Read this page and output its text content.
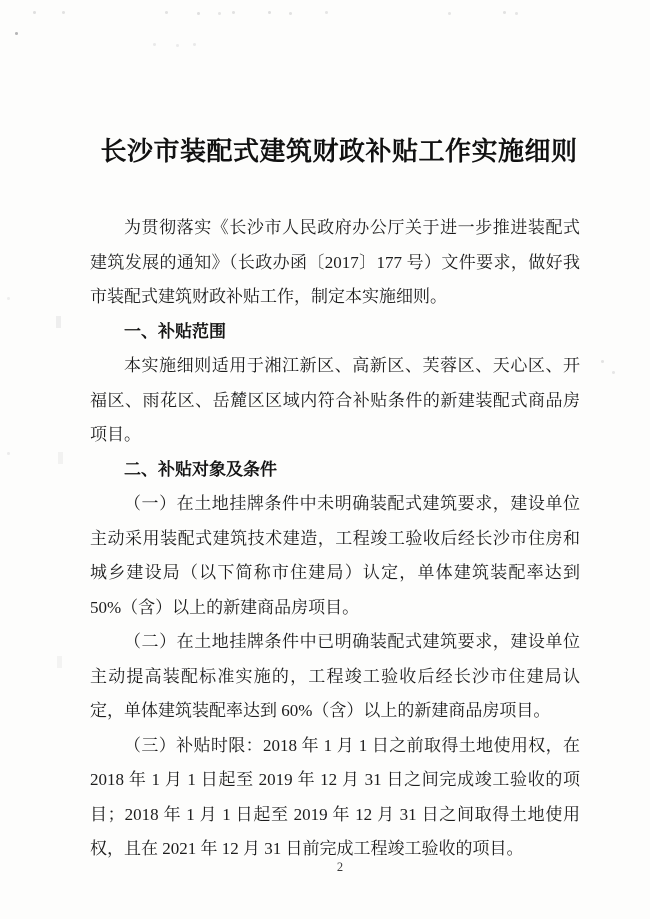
长沙市装配式建筑财政补贴工作实施细则

为贯彻落实《长沙市人民政府办公厅关于进一步推进装配式建筑发展的通知》（长政办函〔2017〕177 号）文件要求，做好我市装配式建筑财政补贴工作，制定本实施细则。

一、补贴范围

本实施细则适用于湘江新区、高新区、芙蓉区、天心区、开福区、雨花区、岳麓区区域内符合补贴条件的新建装配式商品房项目。

二、补贴对象及条件

（一）在土地挂牌条件中未明确装配式建筑要求，建设单位主动采用装配式建筑技术建造，工程竣工验收后经长沙市住房和城乡建设局（以下简称市住建局）认定，单体建筑装配率达到 50%（含）以上的新建商品房项目。

（二）在土地挂牌条件中已明确装配式建筑要求，建设单位主动提高装配标准实施的，工程竣工验收后经长沙市住建局认定，单体建筑装配率达到 60%（含）以上的新建商品房项目。

（三）补贴时限：2018 年 1 月 1 日之前取得土地使用权，在 2018 年 1 月 1 日起至 2019 年 12 月 31 日之间完成竣工验收的项目；2018 年 1 月 1 日起至 2019 年 12 月 31 日之间取得土地使用权，且在 2021 年 12 月 31 日前完成工程竣工验收的项目。

2
